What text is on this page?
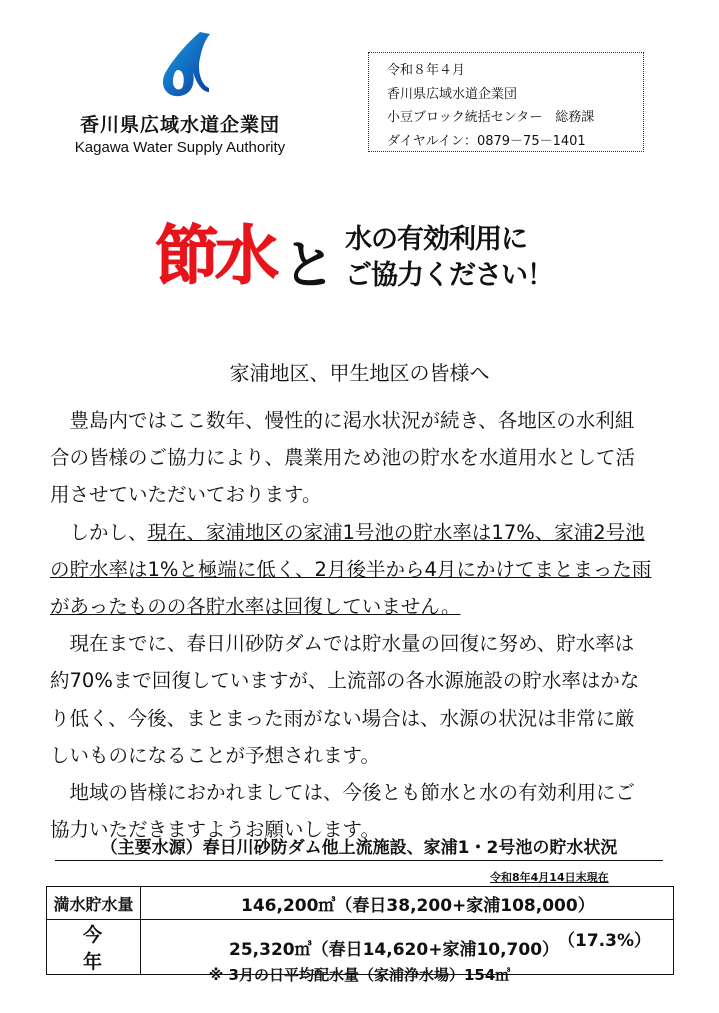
香川県広域水道企業団
Kagawa Water Supply Authority
令和８年４月
香川県広域水道企業団
小豆ブロック統括センター　総務課
ダイヤルイン：0879－75－1401
節水 と 水の有効利用に
ご協力ください！
家浦地区、甲生地区の皆様へ
　豊島内ではここ数年、慢性的に渇水状況が続き、各地区の水利組
合の皆様のご協力により、農業用ため池の貯水を水道用水として活
用させていただいております。
　しかし、現在、家浦地区の家浦1号池の貯水率は17%、家浦2号池
の貯水率は1%と極端に低く、2月後半から4月にかけてまとまった雨
があったものの各貯水率は回復していません。
　現在までに、春日川砂防ダムでは貯水量の回復に努め、貯水率は
約70%まで回復していますが、上流部の各水源施設の貯水率はかな
り低く、今後、まとまった雨がない場合は、水源の状況は非常に厳
しいものになることが予想されます。
　地域の皆様におかれましては、今後とも節水と水の有効利用にご
協力いただきますようお願いします。
（主要水源）春日川砂防ダム他上流施設、家浦1・2号池の貯水状況
令和8年4月14日末現在
満水貯水量	146,200㎥（春日38,200+家浦108,000）
今　年	25,320㎥（春日14,620+家浦10,700）
（17.3%）
※ 3月の日平均配水量（家浦浄水場）154㎥
